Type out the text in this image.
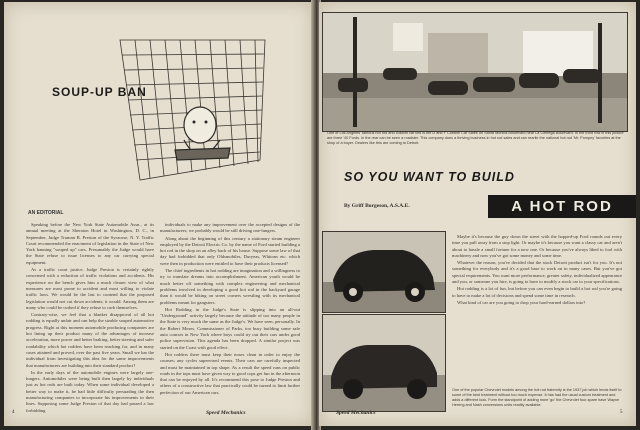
SOUP-UP BAN
AN EDITORIAL

Speaking before the New York State Automobile Assn., at its annual meeting at the Sheraton Hotel in Washington, D. C., in September, Judge Truman B. Preston of the Syracuse, N. Y. Traffic Court recommended the enactment of legislation in the State of New York banning "souped up" cars. Presumably the Judge would have the State refuse to issue licenses to any car carrying special equipment.

As a traffic court justice, Judge Preston is certainly rightly concerned with a reduction of traffic violations and accidents. His experience on the bench gives him a much clearer view of what measures are most prone to accident and most willing to violate traffic laws. We would be the last to contend that the proposed legislation would not cut down accidents; it would. Among them are many who could be curbed if they refuse to curb themselves.

Contrary-wise, we feel that a blanket disapproval of all hot rodding is equally unfair and can help the sizable souped automotive progress. Right at this moment automobile producing companies are hot lining up their product many of the advantages of increase acceleration, more power and better braking, better steering and safer roadability which hot rodders have been reaching for, and in many cases attained and proved, over the past five years. Small we bar the individual from investigating this idea for the same improvements that manufacturers are building into their standard product?

In the early days of the automobile engines were largely one-lungers. Automobiles were being built then largely by individuals just as hot rods are built today. When some individual developed a better way to make it, he had little difficulty persuading the then manufacturing companies to incorporate his improvements in their lines. Supposing some Judge Preston of that day had passed a law forbidding

individuals to make any improvement over the accepted designs of the manufacturers; we probably would be still driving one-lungers.

Along about the beginning of this century a stationary steam engineer employed by the Detroit Electric Co. by the name of Ford started building a hot rod in the shop on an alley back of his house. Suppose some law of that day had forbidded that only Oldsmobiles, Duryeas, Whitons etc. which were then in production were entitled to have their products licensed?

The chief ingredients in hot rodding are imagination and a willingness to try to translate dreams into accomplishment. American youth would be much better off something with complex engineering and mechanical problems involved in developing a good hot rod in the backyard garage than it would be hiking on street corners wrestling with its mechanical problems meant for gangsters.

Hot Rodding in the Judge's State is slipping into an all-out "Underground" activity largely because the attitude of too many people in the State is very much the same as the Judge's. We have seen, personally. In the Robert Moses, Commissioner of Parks, too busy building some safe auto courses in New York where boys could try out their cars under good police supervision. This agenda has been dropped. A similar project was started on the Coast with good effect.

Hot rodders there must keep their noses clean in order to enjoy the courses; any cycles supervised events. Their cars are carefully inspected and must be maintained in top shape. As a result the speed runs on public roads in the tops must have given way to good cops get fun in the afternoon that can be enjoyed by all. It's recommend this pose to Judge Preston and others of a constructive law that practically could be turned to limit further perfection of our American cars.

4	Speed Mechanics
One of Los Angeles' famous hot rod and custom car lots is the D and F Custom Car Sales on Santa Monica Boulevard near La Cienega Boulevard. In the front row in this picture are three '40 Fords. In the rear can be seen a roadster. This company does a thriving business in hot rod sales and can rearlie the national hot rod 'Mr. Pompey' favorites at the shop of a buyer. Dealers like this are coming to Detroit.
SO YOU WANT TO BUILD
By Griff Borgeson, A.S.A.E.	A HOT ROD

Maybe it's because the guy down the street with the hopped-up Ford rounds out every time you pull away from a stop light. Or maybe it's because you want a classy car and aren't about to hassle a small fortune for a new one. Or because you've always liked to fool with machinery and now you've got some money and some time.

Whatever the reason, you've decided that the stock Detroit product isn't for you. It's not something for everybody and it's a good base to work on in many cases. But you've got special requirements. You want more performance, greater safety, individualized appearance and you, or someone you hire, is going to have to modify a stock car to your specifications.

Hot rodding is a lot of fun, but before you can even begin to build a hot rod you're going to have to make a lot of decisions and spend some time in research.

What kind of car are you going to drop your hard-earned dollars into?

One of the popular Chevrolet models among the hot rod fraternity is the 1937 job which lends itself to some of the best treatment without too much expense. It has had the usual custom treatment and adds a different look. Form the standpoint of adding more 'go' the Chevrolet four-spare have Wayne Herring and Nash conversions units readily available.
Speed Mechanics	5
